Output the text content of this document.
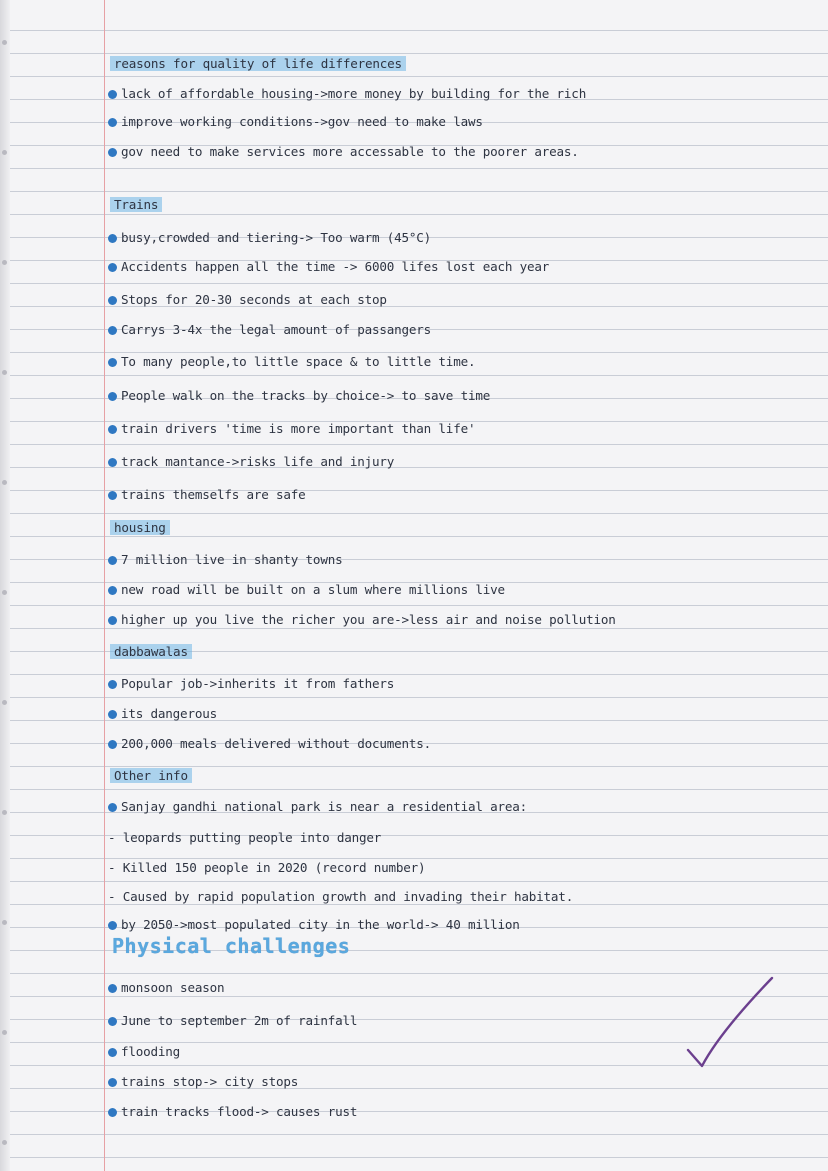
reasons for quality of life differences
lack of affordable housing->more money by building for the rich
improve working conditions->gov need to make laws
gov need to make services more accessable to the poorer areas.
Trains
busy,crowded and tiering-> Too warm (45°C)
Accidents happen all the time -> 6000 lifes lost each year
Stops for 20-30 seconds at each stop
Carrys 3-4x the legal amount of passangers
To many people,to little space & to little time.
People walk on the tracks by choice-> to save time
train drivers 'time is more important than life'
track mantance->risks life and injury
trains themselfs are safe
housing
7 million live in shanty towns
new road will be built on a slum where millions live
higher up you live the richer you are->less air and noise pollution
dabbawalas
Popular job->inherits it from fathers
its dangerous
200,000 meals delivered without documents.
Other info
Sanjay gandhi national park is near a residential area:
- leopards putting people into danger
- Killed 150 people in 2020 (record number)
- Caused by rapid population growth and invading their habitat.
by 2050->most populated city in the world-> 40 million
Physical challenges
monsoon season
June to september 2m of rainfall
flooding
trains stop-> city stops
train tracks flood-> causes rust
